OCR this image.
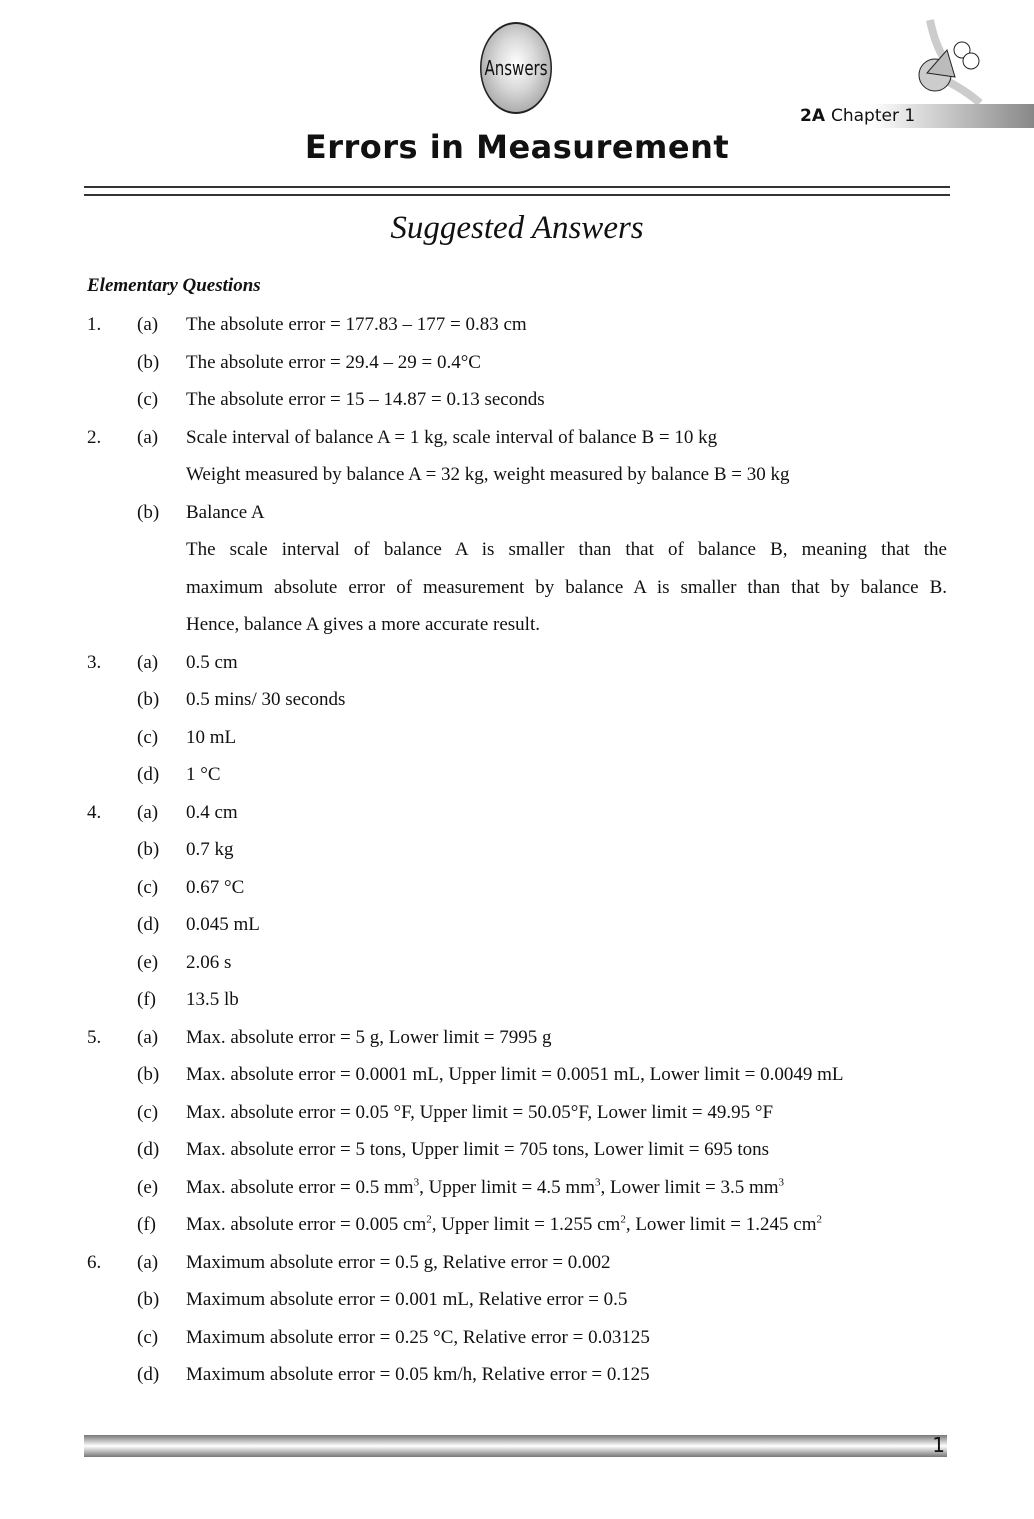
Answers
2A Chapter 1
Errors in Measurement
Suggested Answers
Elementary Questions
1. (a) The absolute error = 177.83 – 177 = 0.83 cm
(b) The absolute error = 29.4 – 29 = 0.4°C
(c) The absolute error = 15 – 14.87 = 0.13 seconds
2. (a) Scale interval of balance A = 1 kg, scale interval of balance B = 10 kg
Weight measured by balance A = 32 kg, weight measured by balance B = 30 kg
(b) Balance A
The scale interval of balance A is smaller than that of balance B, meaning that the
maximum absolute error of measurement by balance A is smaller than that by balance B.
Hence, balance A gives a more accurate result.
3. (a) 0.5 cm
(b) 0.5 mins/ 30 seconds
(c) 10 mL
(d) 1 °C
4. (a) 0.4 cm
(b) 0.7 kg
(c) 0.67 °C
(d) 0.045 mL
(e) 2.06 s
(f) 13.5 lb
5. (a) Max. absolute error = 5 g, Lower limit = 7995 g
(b) Max. absolute error = 0.0001 mL, Upper limit = 0.0051 mL, Lower limit = 0.0049 mL
(c) Max. absolute error = 0.05 °F, Upper limit = 50.05°F, Lower limit = 49.95 °F
(d) Max. absolute error = 5 tons, Upper limit = 705 tons, Lower limit = 695 tons
(e) Max. absolute error = 0.5 $mm^3$, Upper limit = 4.5 $mm^3$, Lower limit = 3.5 $mm^3$
(f) Max. absolute error = 0.005 $cm^2$, Upper limit = 1.255 $cm^2$, Lower limit = 1.245 $cm^2$
6. (a) Maximum absolute error = 0.5 g, Relative error = 0.002
(b) Maximum absolute error = 0.001 mL, Relative error = 0.5
(c) Maximum absolute error = 0.25 °C, Relative error = 0.03125
(d) Maximum absolute error = 0.05 km/h, Relative error = 0.125
1
